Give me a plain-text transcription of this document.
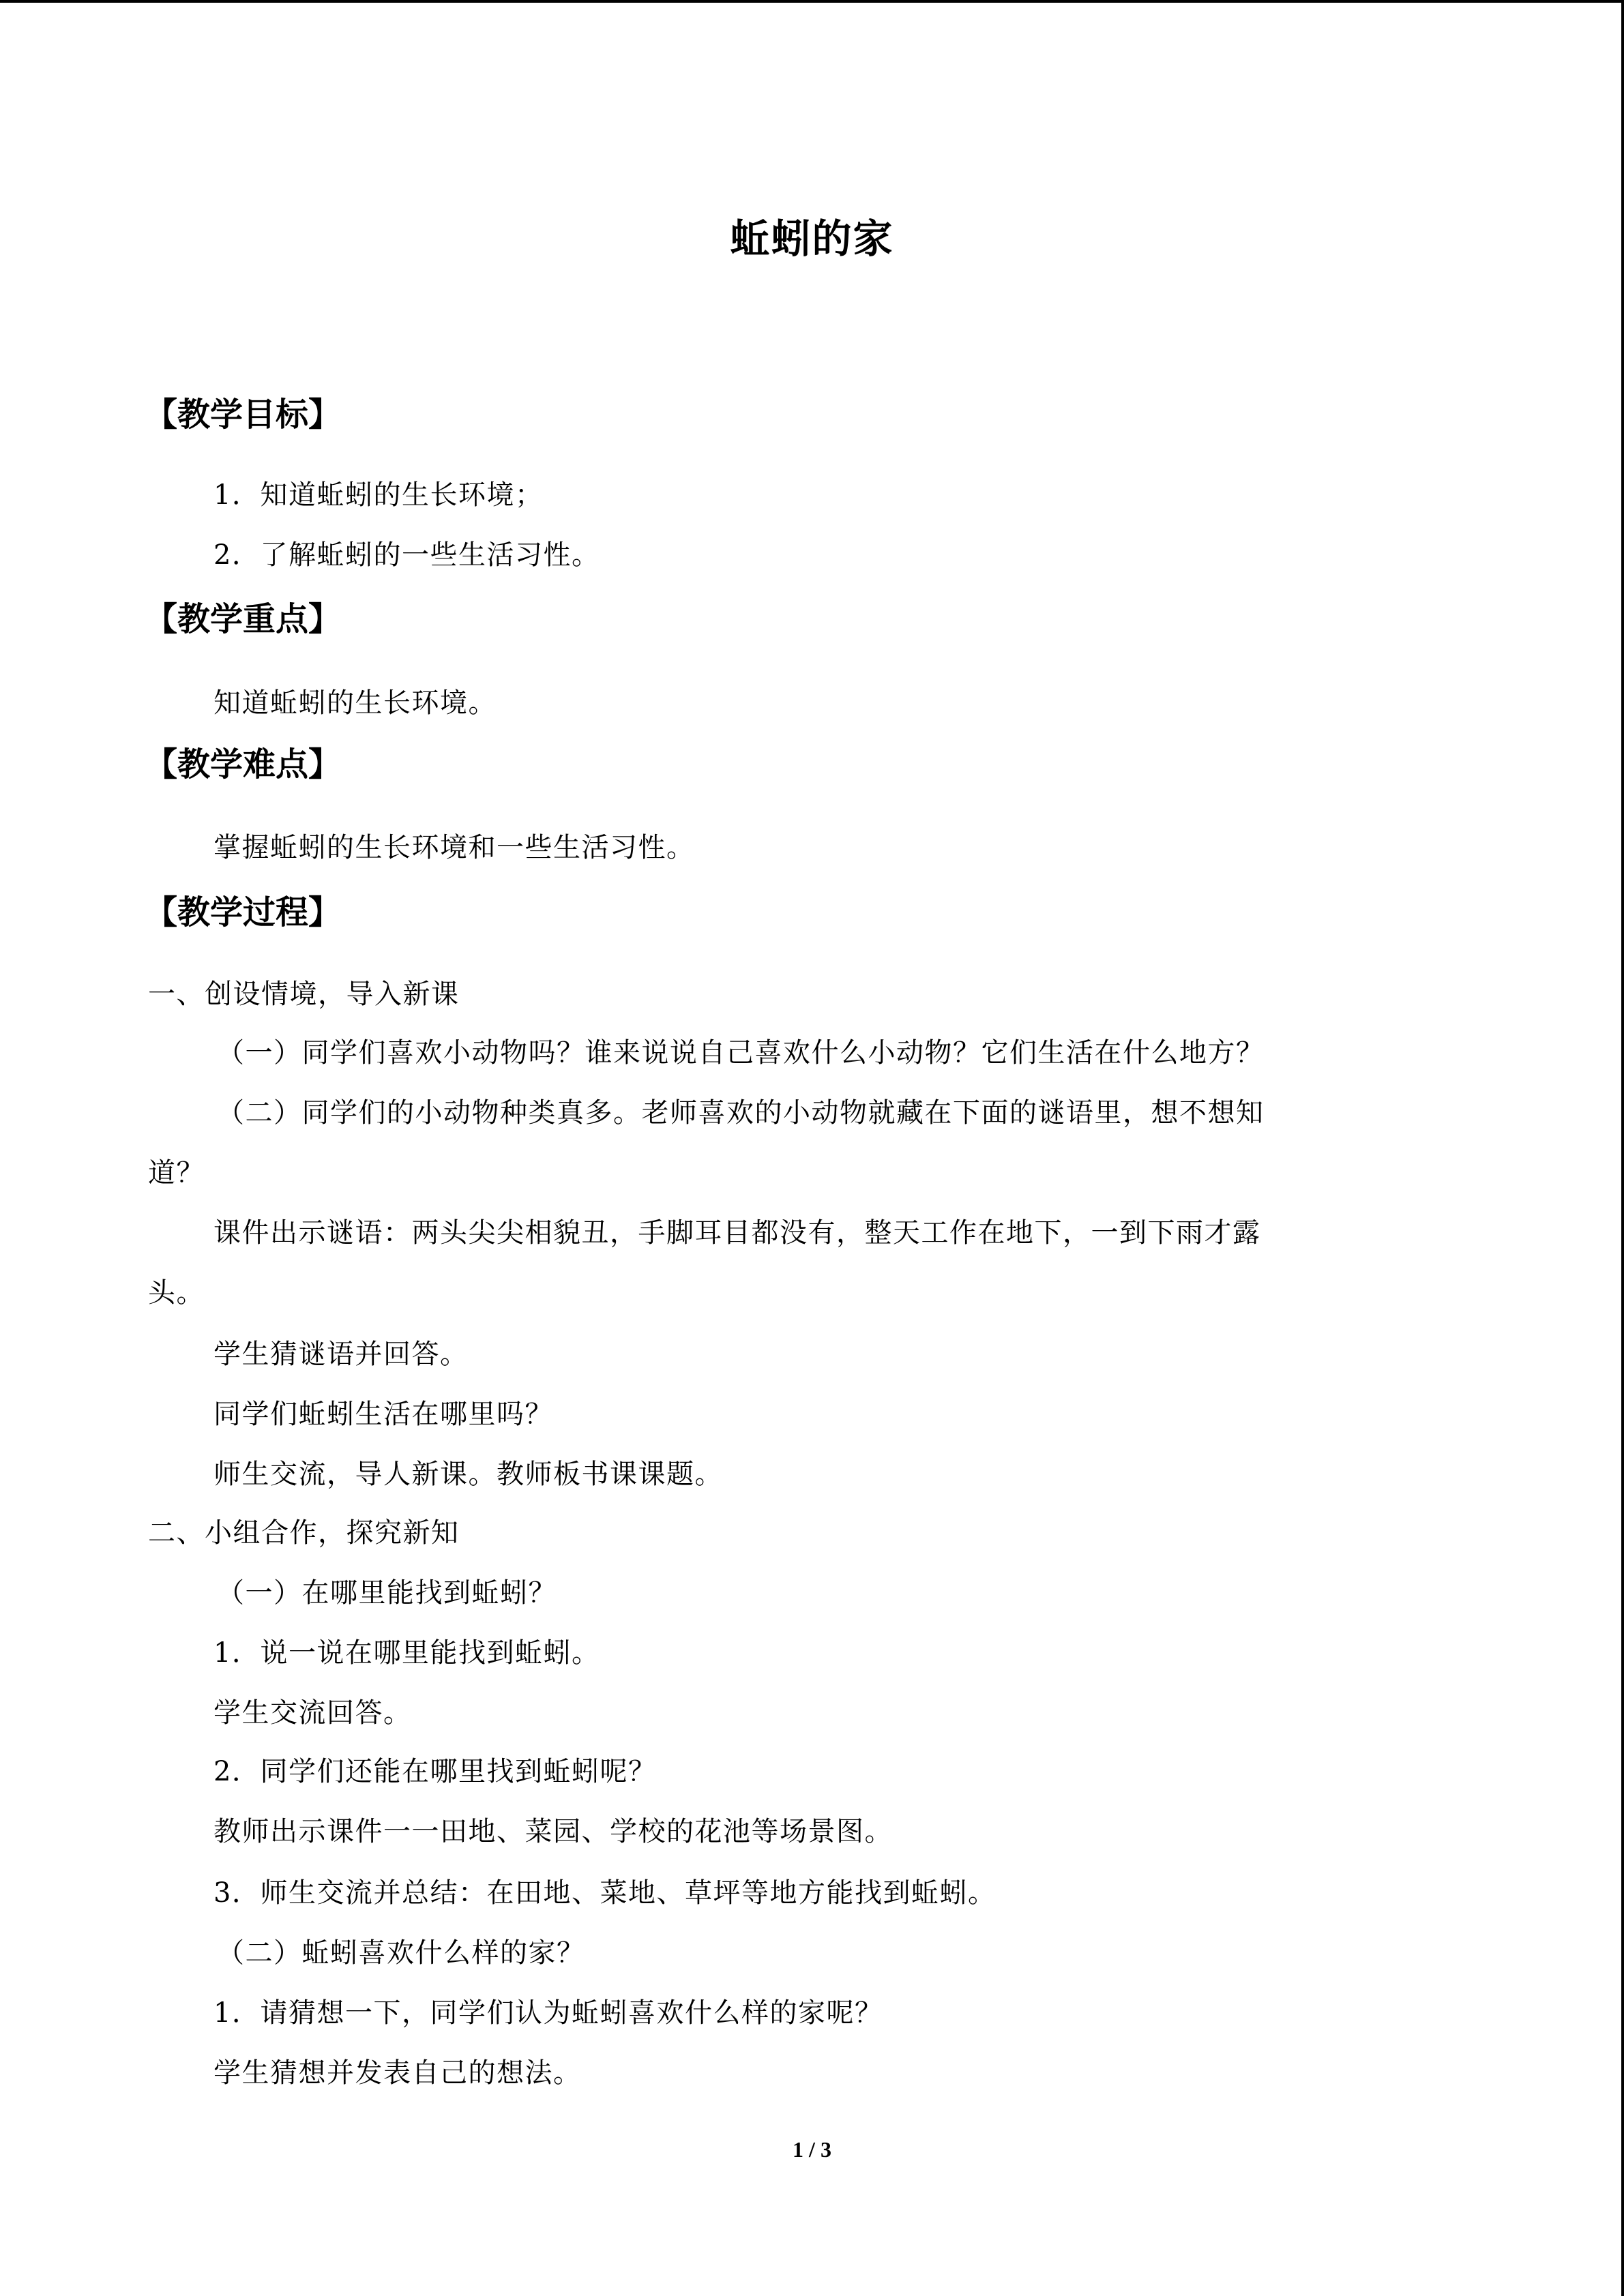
蚯蚓的家
【教学目标】
1．知道蚯蚓的生长环境；
2．了解蚯蚓的一些生活习性。
【教学重点】
知道蚯蚓的生长环境。
【教学难点】
掌握蚯蚓的生长环境和一些生活习性。
【教学过程】
一、创设情境，导入新课
（一）同学们喜欢小动物吗？谁来说说自己喜欢什么小动物？它们生活在什么地方？
（二）同学们的小动物种类真多。老师喜欢的小动物就藏在下面的谜语里，想不想知
道？
课件出示谜语：两头尖尖相貌丑，手脚耳目都没有，整天工作在地下，一到下雨才露
头。
学生猜谜语并回答。
同学们蚯蚓生活在哪里吗？
师生交流，导人新课。教师板书课课题。
二、小组合作，探究新知
（一）在哪里能找到蚯蚓？
1．说一说在哪里能找到蚯蚓。
学生交流回答。
2．同学们还能在哪里找到蚯蚓呢？
教师出示课件一一田地、菜园、学校的花池等场景图。
3．师生交流并总结：在田地、菜地、草坪等地方能找到蚯蚓。
（二）蚯蚓喜欢什么样的家？
1．请猜想一下，同学们认为蚯蚓喜欢什么样的家呢？
学生猜想并发表自己的想法。
1 / 3
